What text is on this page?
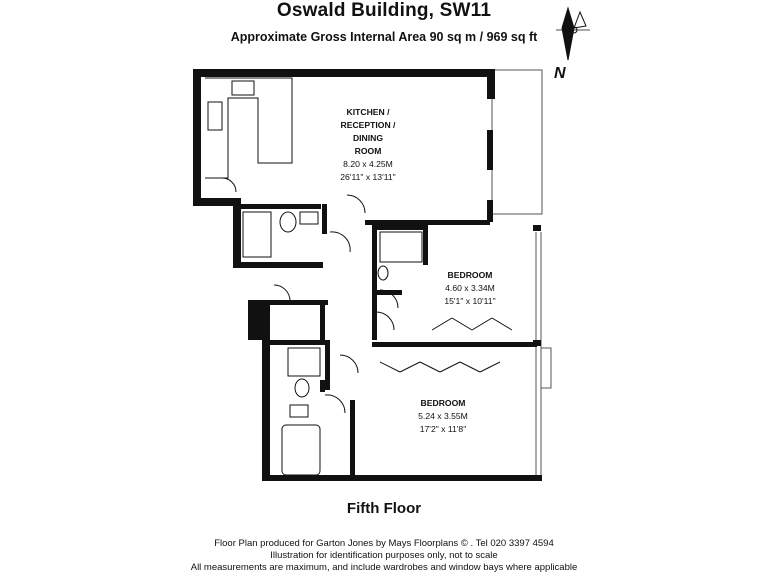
Oswald Building, SW11
Approximate Gross Internal Area 90 sq m / 969 sq ft
N
KITCHEN /
RECEPTION /
DINING
ROOM
8.20 x 4.25M
26'11" x 13'11"
BEDROOM
4.60 x 3.34M
15'1" x 10'11"
BEDROOM
5.24 x 3.55M
17'2" x 11'8"
Fifth Floor
Floor Plan produced for Garton Jones by Mays Floorplans © . Tel 020 3397 4594
Illustration for identification purposes only, not to scale
All measurements are maximum, and include wardrobes and window bays where applicable
